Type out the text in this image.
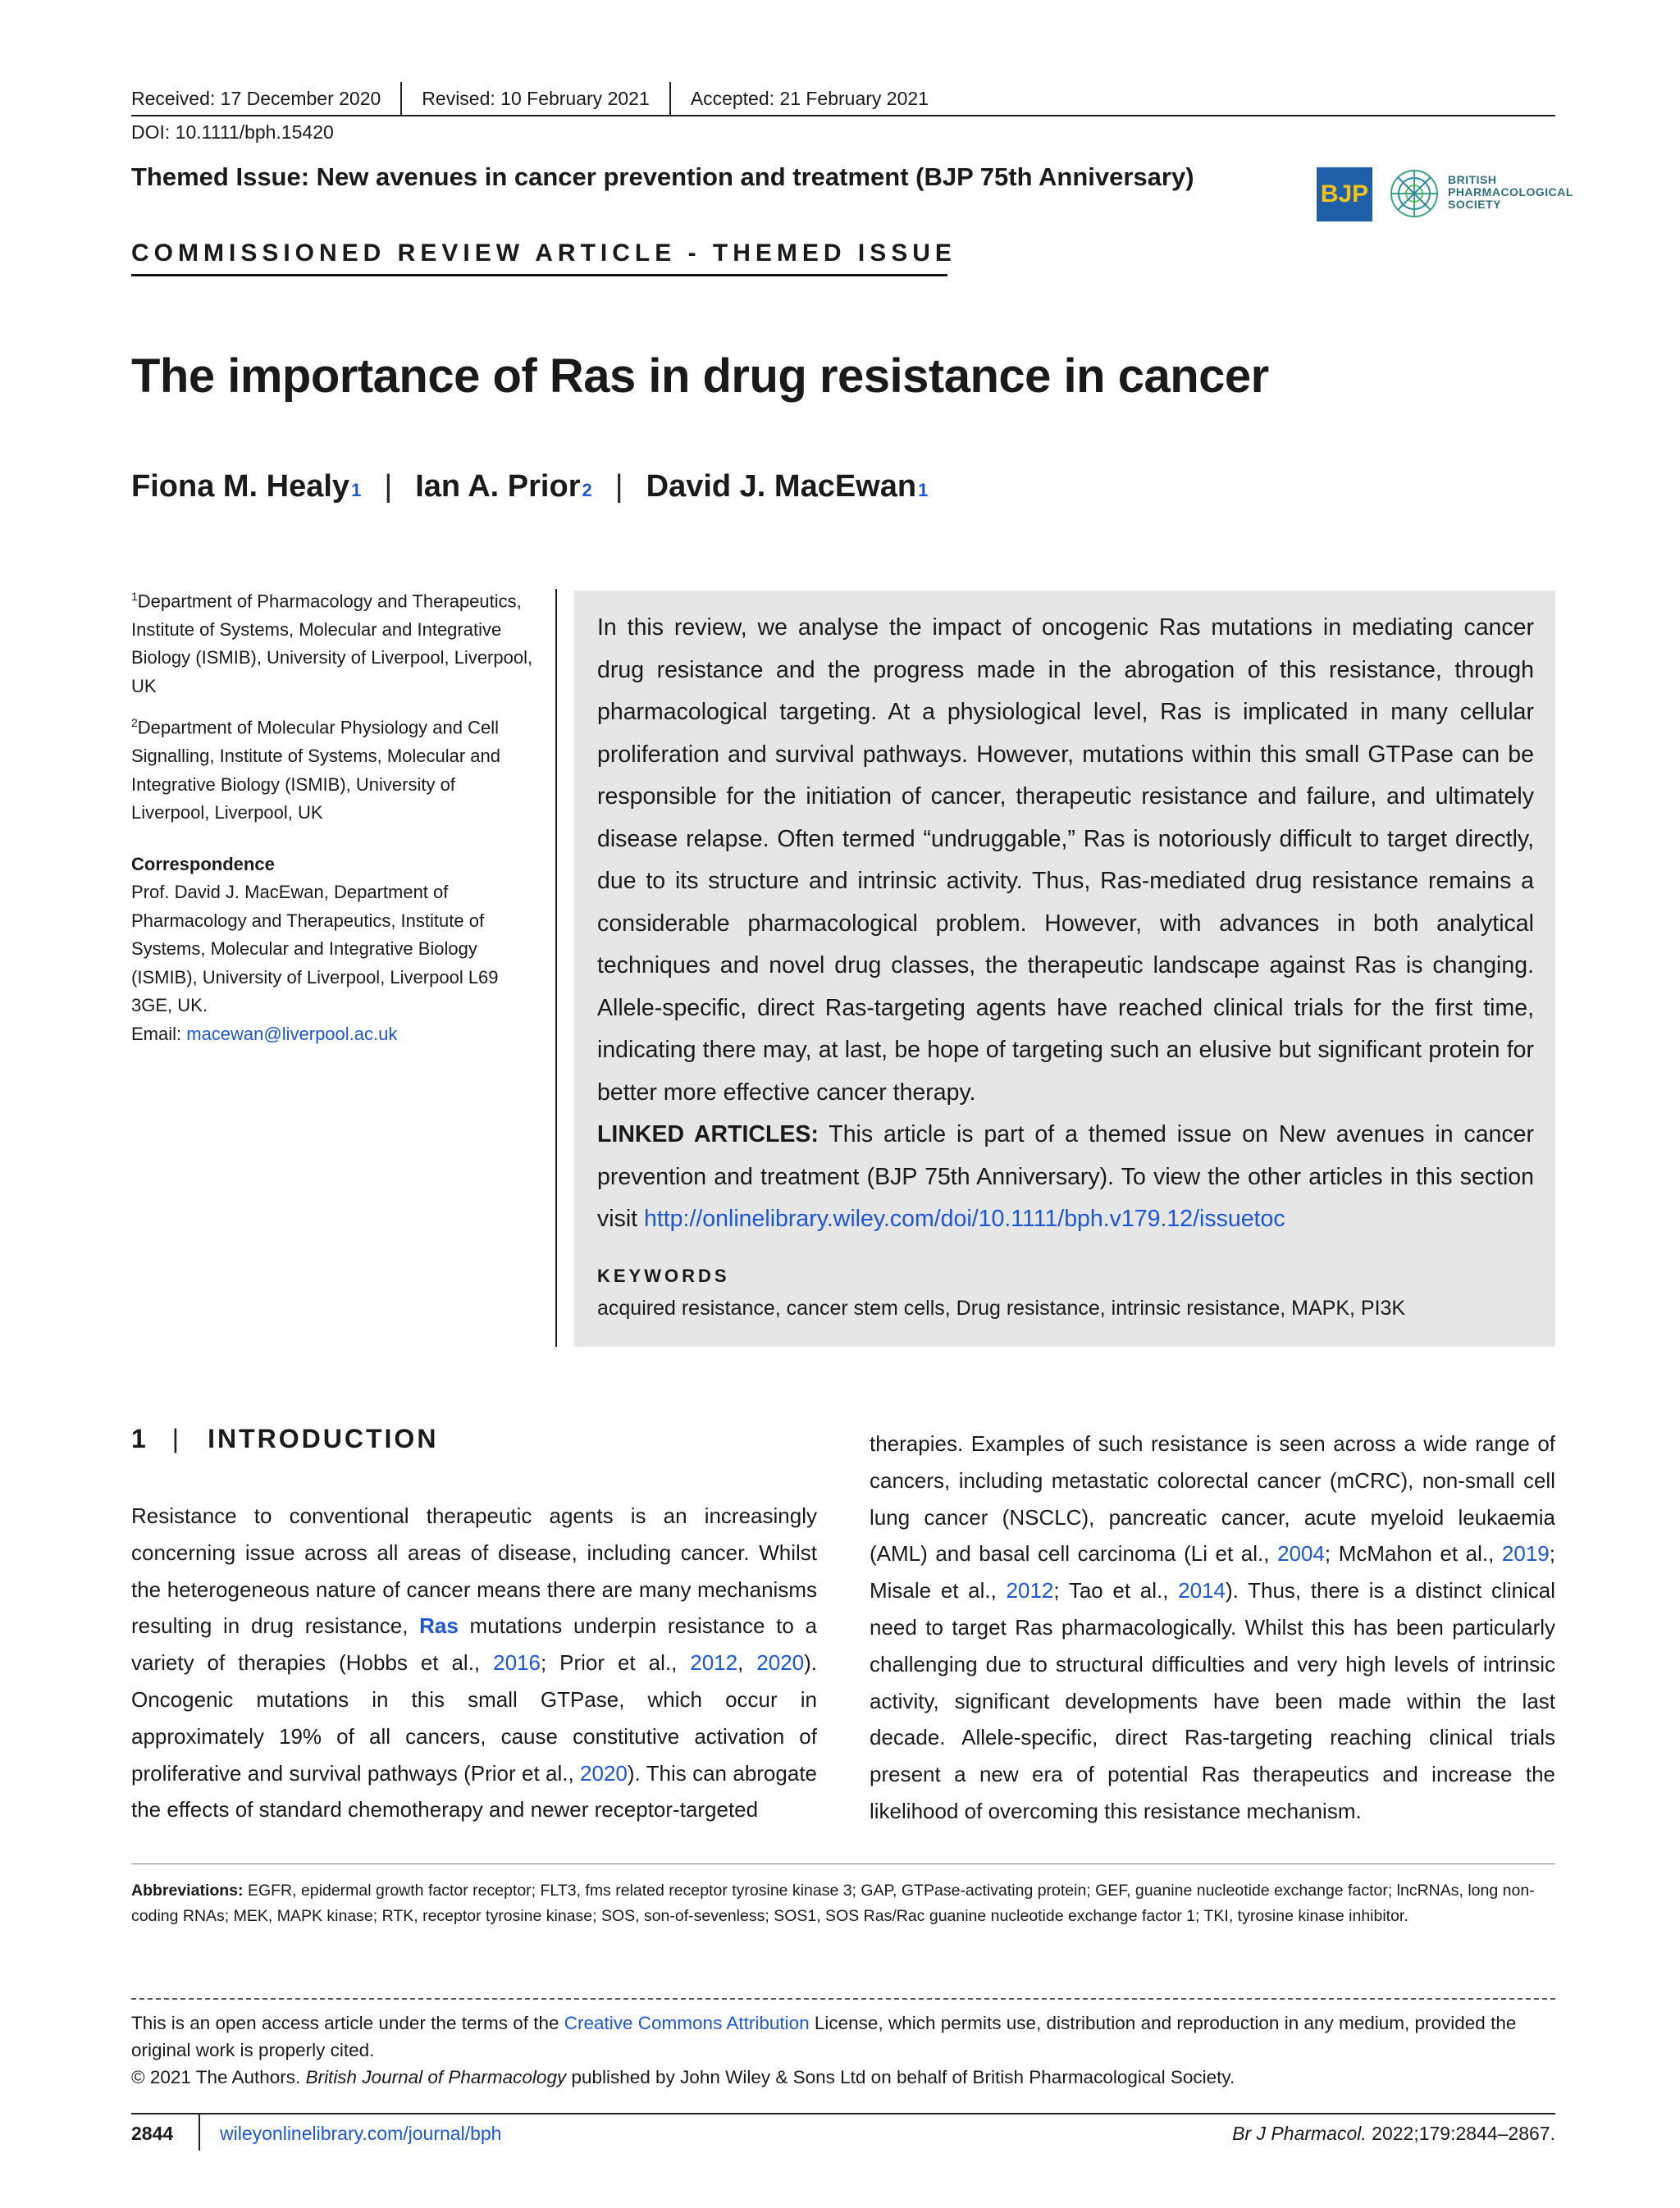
Received: 17 December 2020	Revised: 10 February 2021	Accepted: 21 February 2021
DOI: 10.1111/bph.15420
Themed Issue: New avenues in cancer prevention and treatment (BJP 75th Anniversary)
BJP
BRITISH
PHARMACOLOGICAL
SOCIETY
COMMISSIONED REVIEW ARTICLE - THEMED ISSUE
The importance of Ras in drug resistance in cancer
Fiona M. Healy 1 | Ian A. Prior 2 | David J. MacEwan 1

$^1$Department of Pharmacology and Therapeutics, Institute of Systems, Molecular and Integrative Biology (ISMIB), University of Liverpool, Liverpool, UK

$^2$Department of Molecular Physiology and Cell Signalling, Institute of Systems, Molecular and Integrative Biology (ISMIB), University of Liverpool, Liverpool, UK

Correspondence

Prof. David J. MacEwan, Department of Pharmacology and Therapeutics, Institute of Systems, Molecular and Integrative Biology (ISMIB), University of Liverpool, Liverpool L69 3GE, UK.
Email: macewan@liverpool.ac.uk

In this review, we analyse the impact of oncogenic Ras mutations in mediating cancer drug resistance and the progress made in the abrogation of this resistance, through pharmacological targeting. At a physiological level, Ras is implicated in many cellular proliferation and survival pathways. However, mutations within this small GTPase can be responsible for the initiation of cancer, therapeutic resistance and failure, and ultimately disease relapse. Often termed “undruggable,” Ras is notoriously difficult to target directly, due to its structure and intrinsic activity. Thus, Ras-mediated drug resistance remains a considerable pharmacological problem. However, with advances in both analytical techniques and novel drug classes, the therapeutic landscape against Ras is changing. Allele-specific, direct Ras-targeting agents have reached clinical trials for the first time, indicating there may, at last, be hope of targeting such an elusive but significant protein for better more effective cancer therapy.

LINKED ARTICLES: This article is part of a themed issue on New avenues in cancer prevention and treatment (BJP 75th Anniversary). To view the other articles in this section visit http://onlinelibrary.wiley.com/doi/10.1111/bph.v179.12/issuetoc

KEYWORDS
acquired resistance, cancer stem cells, Drug resistance, intrinsic resistance, MAPK, PI3K
1 | INTRODUCTION

Resistance to conventional therapeutic agents is an increasingly concerning issue across all areas of disease, including cancer. Whilst the heterogeneous nature of cancer means there are many mechanisms resulting in drug resistance, Ras mutations underpin resistance to a variety of therapies (Hobbs et al., 2016; Prior et al., 2012, 2020). Oncogenic mutations in this small GTPase, which occur in approximately 19% of all cancers, cause constitutive activation of proliferative and survival pathways (Prior et al., 2020). This can abrogate the effects of standard chemotherapy and newer receptor-targeted

therapies. Examples of such resistance is seen across a wide range of cancers, including metastatic colorectal cancer (mCRC), non-small cell lung cancer (NSCLC), pancreatic cancer, acute myeloid leukaemia (AML) and basal cell carcinoma (Li et al., 2004; McMahon et al., 2019; Misale et al., 2012; Tao et al., 2014). Thus, there is a distinct clinical need to target Ras pharmacologically. Whilst this has been particularly challenging due to structural difficulties and very high levels of intrinsic activity, significant developments have been made within the last decade. Allele-specific, direct Ras-targeting reaching clinical trials present a new era of potential Ras therapeutics and increase the likelihood of overcoming this resistance mechanism.

Abbreviations: EGFR, epidermal growth factor receptor; FLT3, fms related receptor tyrosine kinase 3; GAP, GTPase-activating protein; GEF, guanine nucleotide exchange factor; lncRNAs, long non-coding RNAs; MEK, MAPK kinase; RTK, receptor tyrosine kinase; SOS, son-of-sevenless; SOS1, SOS Ras/Rac guanine nucleotide exchange factor 1; TKI, tyrosine kinase inhibitor.

This is an open access article under the terms of the Creative Commons Attribution License, which permits use, distribution and reproduction in any medium, provided the original work is properly cited.

© 2021 The Authors. British Journal of Pharmacology published by John Wiley & Sons Ltd on behalf of British Pharmacological Society.

2844 wileyonlinelibrary.com/journal/bph	Br J Pharmacol. 2022;179:2844–2867.
